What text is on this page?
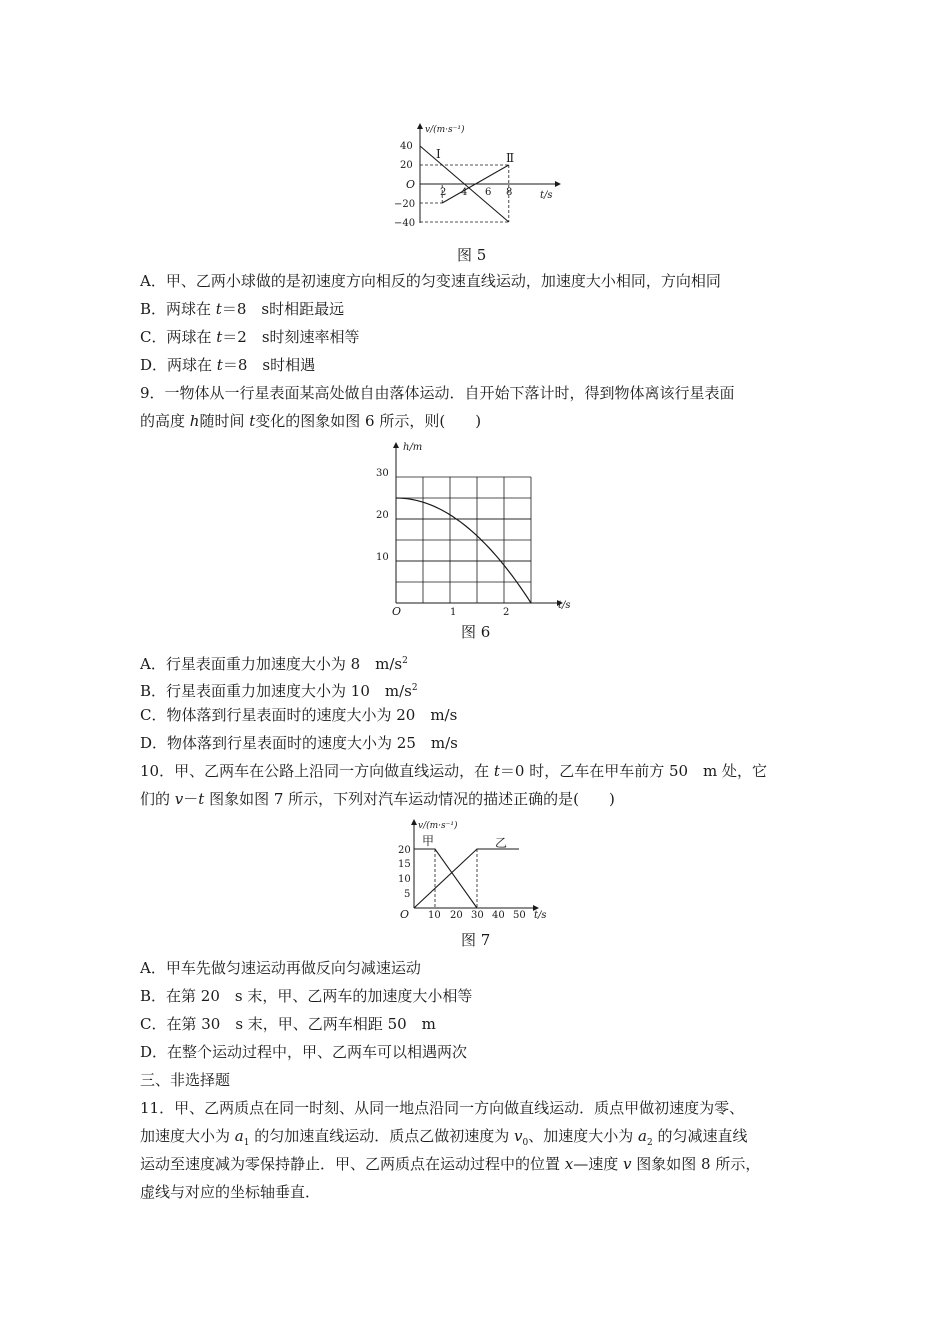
v/(m·s⁻¹)
t/s
O
40
20
−20
−40
2 4 6 8
Ⅰ	Ⅱ
图 5
A．甲、乙两小球做的是初速度方向相反的匀变速直线运动，加速度大小相同，方向相同
B．两球在 t＝8　s时相距最远
C．两球在 t＝2　s时刻速率相等
D．两球在 t＝8　s时相遇
9．一物体从一行星表面某高处做自由落体运动．自开始下落计时，得到物体离该行星表面
的高度 h随时间 t变化的图象如图 6 所示，则(　　)
h/m
t/s
O
30
20
10
1	2
图 6
A．行星表面重力加速度大小为 8　$m/s^2$
B．行星表面重力加速度大小为 10　$m/s^2$
C．物体落到行星表面时的速度大小为 20　m/s
D．物体落到行星表面时的速度大小为 25　m/s
10．甲、乙两车在公路上沿同一方向做直线运动，在 t＝0 时，乙车在甲车前方 50　m 处，它
们的 v－t 图象如图 7 所示，下列对汽车运动情况的描述正确的是(　　)
v/(m·s⁻¹)
t/s
O
20
15
10
5
10 20 30 40 50
甲	乙
图 7
A．甲车先做匀速运动再做反向匀减速运动
B．在第 20　s 末，甲、乙两车的加速度大小相等
C．在第 30　s 末，甲、乙两车相距 50　m
D．在整个运动过程中，甲、乙两车可以相遇两次
三、非选择题
11．甲、乙两质点在同一时刻、从同一地点沿同一方向做直线运动．质点甲做初速度为零、
加速度大小为 $a_1$ 的匀加速直线运动．质点乙做初速度为 $v_0$、加速度大小为 $a_2$ 的匀减速直线
运动至速度减为零保持静止．甲、乙两质点在运动过程中的位置 x—速度 v 图象如图 8 所示，
虚线与对应的坐标轴垂直．
